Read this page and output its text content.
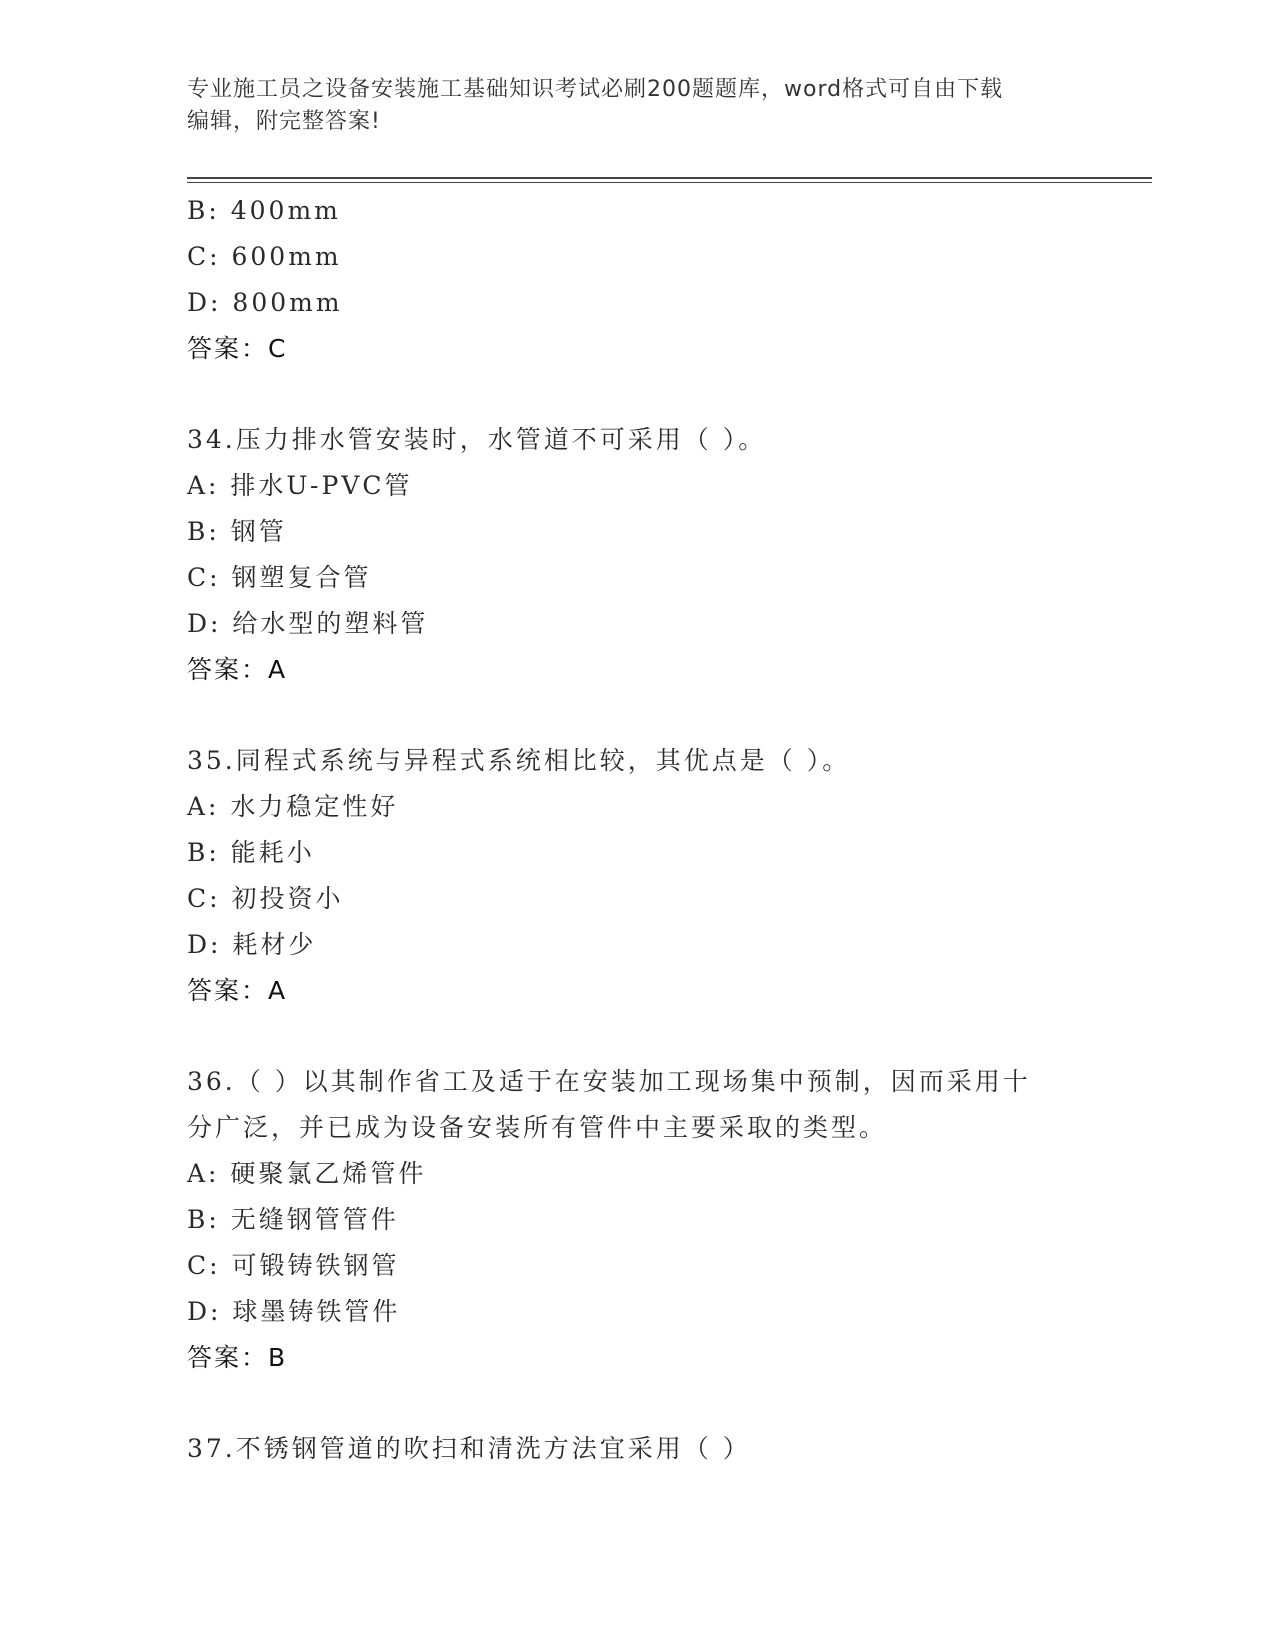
专业施工员之设备安装施工基础知识考试必刷200题题库，word格式可自由下载
编辑，附完整答案!
B: 400mm
C: 600mm
D: 800mm
答案：C
34.压力排水管安装时，水管道不可采用（ ）。
A: 排水U-PVC管
B: 钢管
C: 钢塑复合管
D: 给水型的塑料管
答案：A
35.同程式系统与异程式系统相比较，其优点是（ ）。
A: 水力稳定性好
B: 能耗小
C: 初投资小
D: 耗材少
答案：A
36.（ ）以其制作省工及适于在安装加工现场集中预制，因而采用十
分广泛，并已成为设备安装所有管件中主要采取的类型。
A: 硬聚氯乙烯管件
B: 无缝钢管管件
C: 可锻铸铁钢管
D: 球墨铸铁管件
答案：B
37.不锈钢管道的吹扫和清洗方法宜采用（ ）
